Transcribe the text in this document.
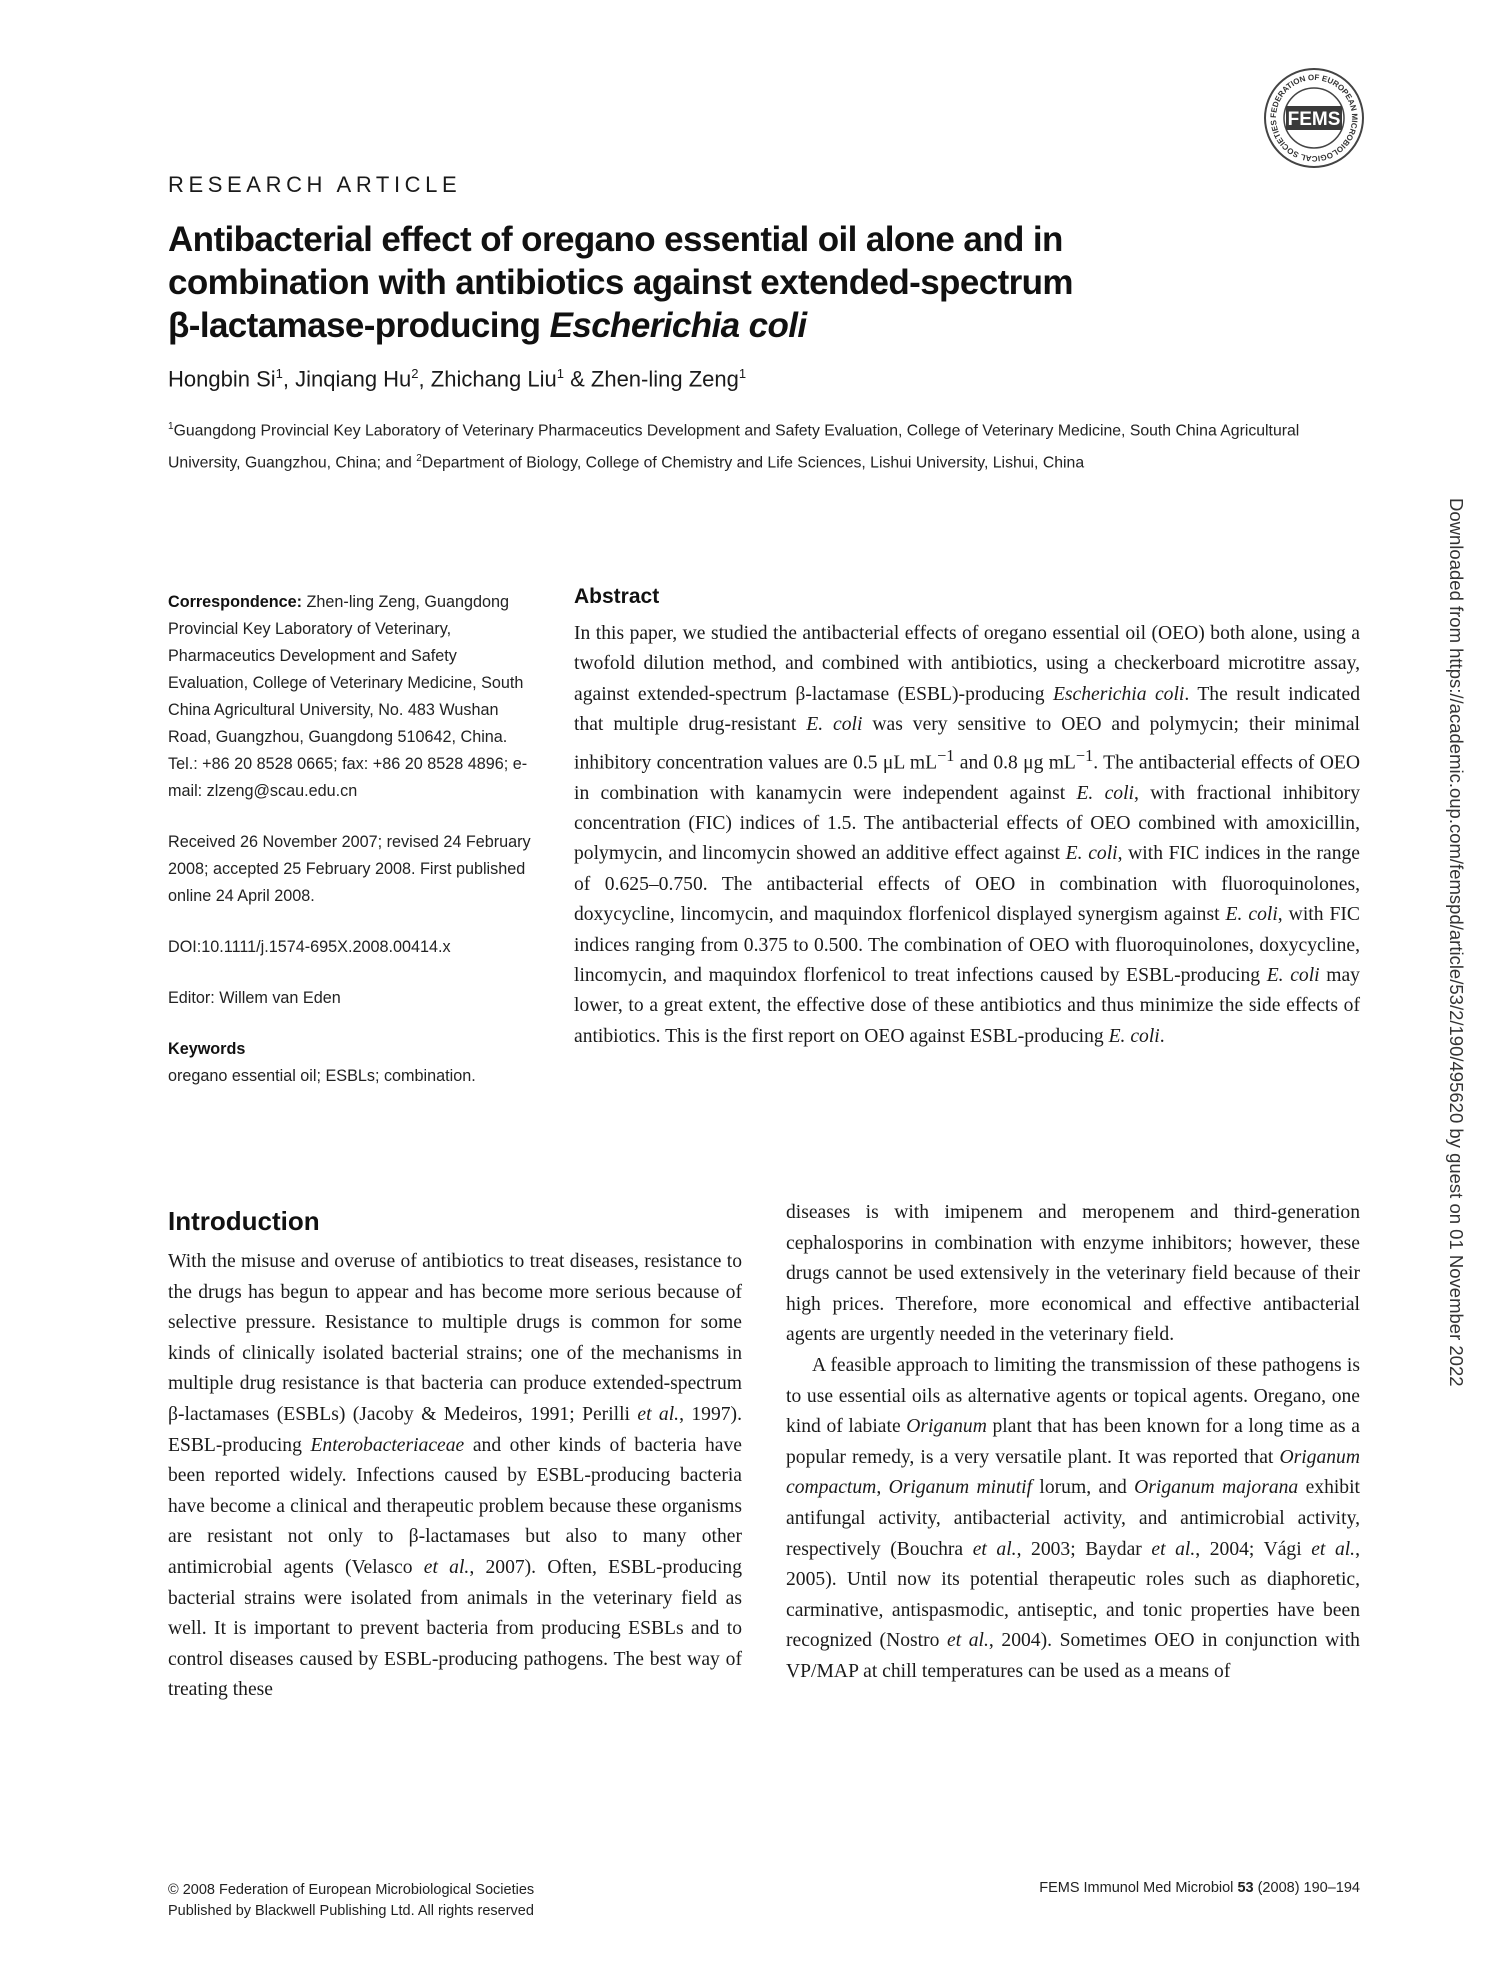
FEDERATION OF EUROPEAN MICROBIOLOGICAL SOCIETIES FEMS
RESEARCH ARTICLE
Antibacterial effect of oregano essential oil alone and in
combination with antibiotics against extended-spectrum
β-lactamase-producing Escherichia coli
Hongbin Si$^1$, Jinqiang Hu$^2$, Zhichang Liu$^1$ & Zhen-ling Zeng$^1$
$^1$Guangdong Provincial Key Laboratory of Veterinary Pharmaceutics Development and Safety Evaluation, College of Veterinary Medicine, South China Agricultural University, Guangzhou, China; and $^2$Department of Biology, College of Chemistry and Life Sciences, Lishui University, Lishui, China
Downloaded from https://academic.oup.com/femspd/article/53/2/190/495620 by guest on 01 November 2022

Correspondence: Zhen-ling Zeng, Guangdong Provincial Key Laboratory of Veterinary, Pharmaceutics Development and Safety Evaluation, College of Veterinary Medicine, South China Agricultural University, No. 483 Wushan Road, Guangzhou, Guangdong 510642, China. Tel.: +86 20 8528 0665; fax: +86 20 8528 4896; e-mail: zlzeng@scau.edu.cn

Received 26 November 2007; revised 24 February 2008; accepted 25 February 2008. First published online 24 April 2008.

DOI:10.1111/j.1574-695X.2008.00414.x

Editor: Willem van Eden

Keywords

oregano essential oil; ESBLs; combination.

Abstract

In this paper, we studied the antibacterial effects of oregano essential oil (OEO) both alone, using a twofold dilution method, and combined with antibiotics, using a checkerboard microtitre assay, against extended-spectrum β-lactamase (ESBL)-producing Escherichia coli. The result indicated that multiple drug-resistant E. coli was very sensitive to OEO and polymycin; their minimal inhibitory concentration values are 0.5 μL $mL^{-1}$ and 0.8 μg $mL^{-1}$. The antibacterial effects of OEO in combination with kanamycin were independent against E. coli, with fractional inhibitory concentration (FIC) indices of 1.5. The antibacterial effects of OEO combined with amoxicillin, polymycin, and lincomycin showed an additive effect against E. coli, with FIC indices in the range of 0.625–0.750. The antibacterial effects of OEO in combination with fluoroquinolones, doxycycline, lincomycin, and maquindox florfenicol displayed synergism against E. coli, with FIC indices ranging from 0.375 to 0.500. The combination of OEO with fluoroquinolones, doxycycline, lincomycin, and maquindox florfenicol to treat infections caused by ESBL-producing E. coli may lower, to a great extent, the effective dose of these antibiotics and thus minimize the side effects of antibiotics. This is the first report on OEO against ESBL-producing E. coli.

Introduction

With the misuse and overuse of antibiotics to treat diseases, resistance to the drugs has begun to appear and has become more serious because of selective pressure. Resistance to multiple drugs is common for some kinds of clinically isolated bacterial strains; one of the mechanisms in multiple drug resistance is that bacteria can produce extended-spectrum β-lactamases (ESBLs) (Jacoby & Medeiros, 1991; Perilli et al., 1997). ESBL-producing Enterobacteriaceae and other kinds of bacteria have been reported widely. Infections caused by ESBL-producing bacteria have become a clinical and therapeutic problem because these organisms are resistant not only to β-lactamases but also to many other antimicrobial agents (Velasco et al., 2007). Often, ESBL-producing bacterial strains were isolated from animals in the veterinary field as well. It is important to prevent bacteria from producing ESBLs and to control diseases caused by ESBL-producing pathogens. The best way of treating these

diseases is with imipenem and meropenem and third-generation cephalosporins in combination with enzyme inhibitors; however, these drugs cannot be used extensively in the veterinary field because of their high prices. Therefore, more economical and effective antibacterial agents are urgently needed in the veterinary field.

A feasible approach to limiting the transmission of these pathogens is to use essential oils as alternative agents or topical agents. Oregano, one kind of labiate Origanum plant that has been known for a long time as a popular remedy, is a very versatile plant. It was reported that Origanum compactum, Origanum minutif lorum, and Origanum majorana exhibit antifungal activity, antibacterial activity, and antimicrobial activity, respectively (Bouchra et al., 2003; Baydar et al., 2004; Vági et al., 2005). Until now its potential therapeutic roles such as diaphoretic, carminative, antispasmodic, antiseptic, and tonic properties have been recognized (Nostro et al., 2004). Sometimes OEO in conjunction with VP/MAP at chill temperatures can be used as a means of

© 2008 Federation of European Microbiological Societies
Published by Blackwell Publishing Ltd. All rights reserved
FEMS Immunol Med Microbiol 53 (2008) 190–194
